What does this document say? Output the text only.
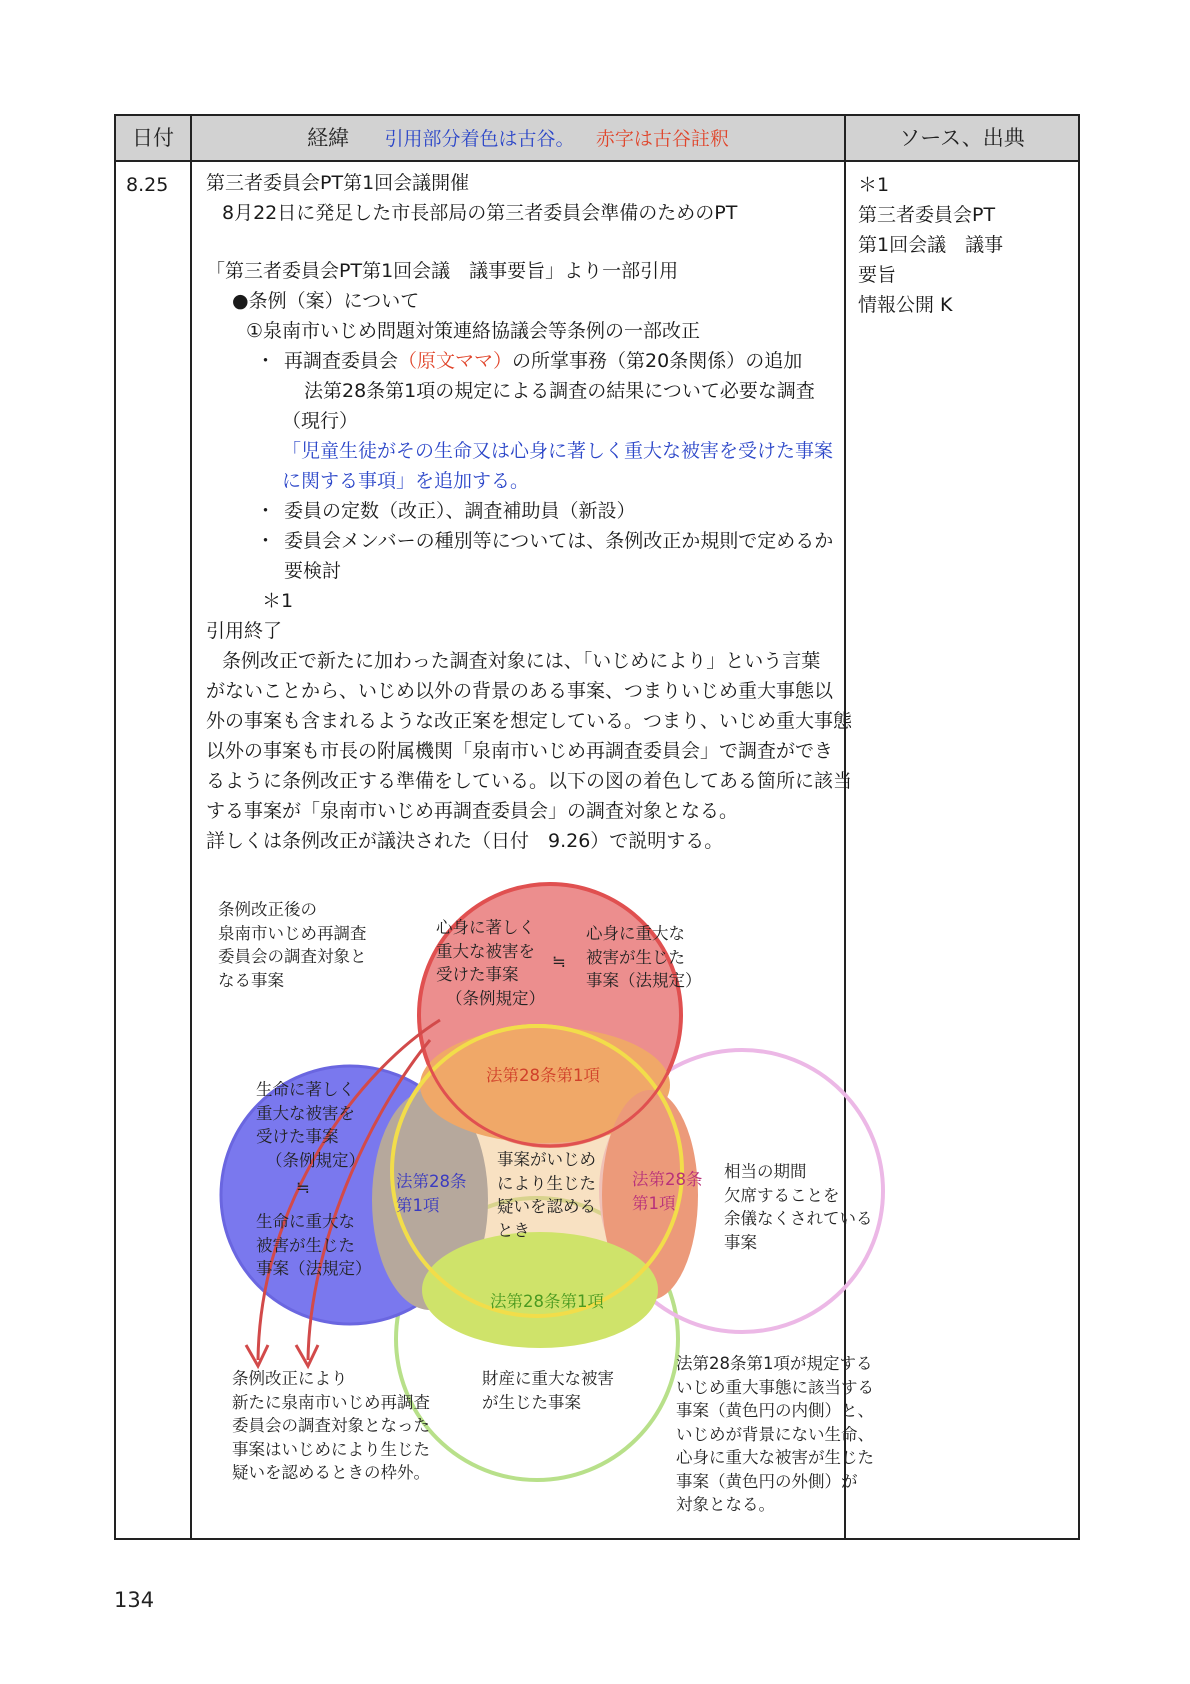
日付	経緯 引用部分着色は古谷。 赤字は古谷註釈	ソース、出典
8.25 第三者委員会PT第1回会議開催
8月22日に発足した市長部局の第三者委員会準備のためのPT
「第三者委員会PT第1回会議　議事要旨」より一部引用
●条例（案）について
①泉南市いじめ問題対策連絡協議会等条例の一部改正
・ 再調査委員会（原文ママ）の所掌事務（第20条関係）の追加
法第28条第1項の規定による調査の結果について必要な調査
（現行）
「児童生徒がその生命又は心身に著しく重大な被害を受けた事案
に関する事項」を追加する。
・ 委員の定数（改正）、調査補助員（新設）
・ 委員会メンバーの種別等については、条例改正か規則で定めるか
要検討
＊1
引用終了
条例改正で新たに加わった調査対象には、「いじめにより」という言葉
がないことから、いじめ以外の背景のある事案、つまりいじめ重大事態以
外の事案も含まれるような改正案を想定している。つまり、いじめ重大事態
以外の事案も市長の附属機関「泉南市いじめ再調査委員会」で調査ができ
るように条例改正する準備をしている。以下の図の着色してある箇所に該当
する事案が「泉南市いじめ再調査委員会」の調査対象となる。
詳しくは条例改正が議決された（日付　9.26）で説明する。
＊1
第三者委員会PT
第1回会議　議事
要旨
情報公開 K
条例改正後の
泉南市いじめ再調査
委員会の調査対象と
なる事案
心身に著しく
重大な被害を
受けた事案
（条例規定）
≒
心身に重大な
被害が生じた
事案（法規定）
法第28条第1項
生命に著しく
重大な被害を
受けた事案
（条例規定）
≒
生命に重大な
被害が生じた
事案（法規定）
法第28条
第1項
事案がいじめ
により生じた
疑いを認める
とき
法第28条
第1項
相当の期間
欠席することを
余儀なくされている
事案
法第28条第1項
財産に重大な被害
が生じた事案
条例改正により
新たに泉南市いじめ再調査
委員会の調査対象となった
事案はいじめにより生じた
疑いを認めるときの枠外。
法第28条第1項が規定する
いじめ重大事態に該当する
事案（黄色円の内側）と、
いじめが背景にない生命、
心身に重大な被害が生じた
事案（黄色円の外側）が
対象となる。
134
